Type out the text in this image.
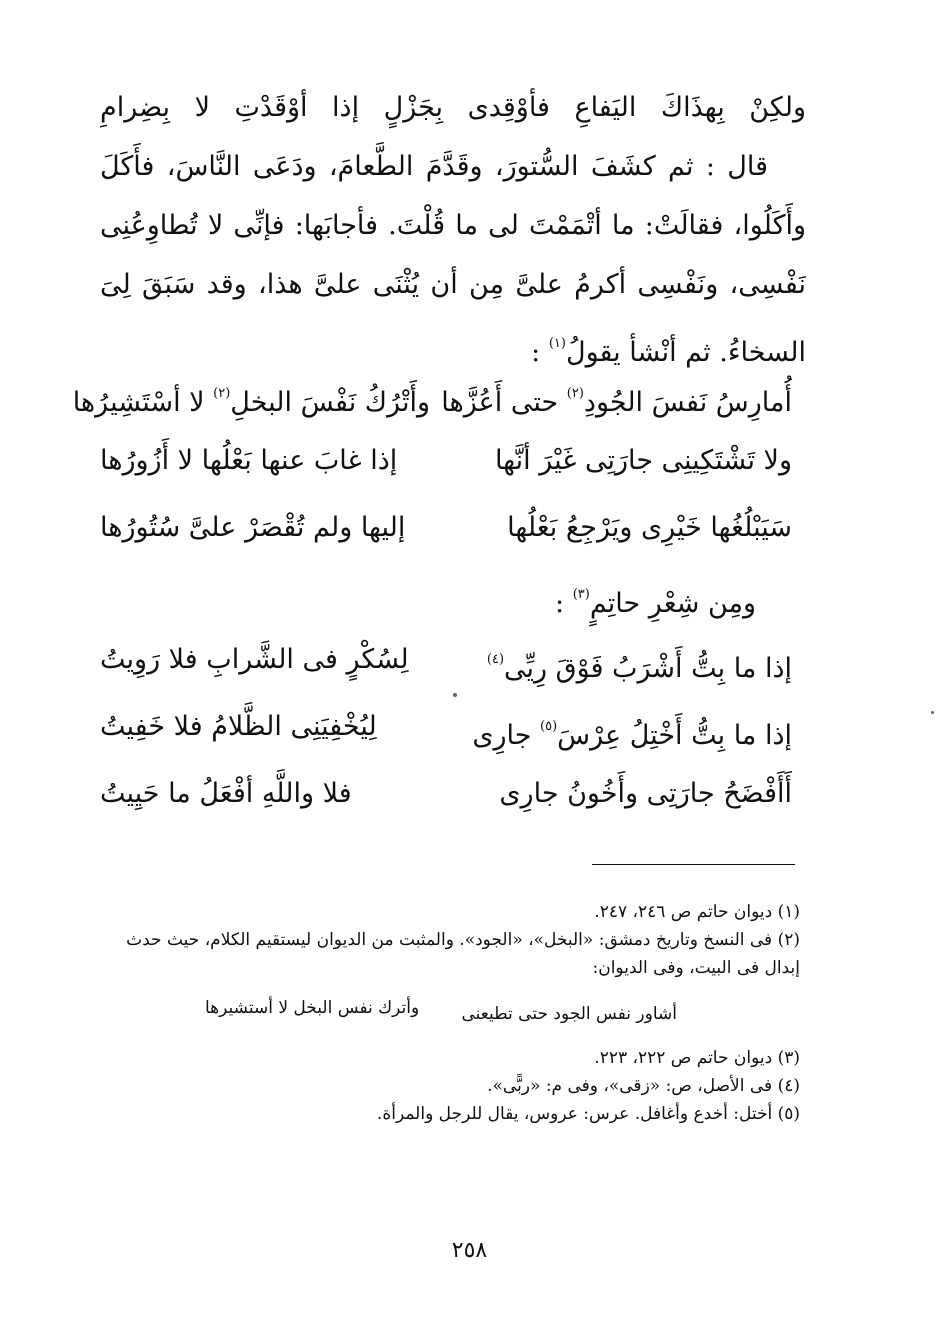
ولكِنْ بِهذَاكَ اليَفاعِ فأوْقِدى بِجَزْلٍ إذا أوْقَدْتِ لا بِضِرامِ
قال : ثم كشَفَ السُّتورَ، وقَدَّمَ الطَّعامَ، ودَعَى النَّاسَ، فأَكَلَ
وأَكَلُوا، فقالَتْ: ما أتْمَمْتَ لى ما قُلْتَ. فأجابَها: فإنِّى لا تُطاوِعُنِى
نَفْسِى، ونَفْسِى أكرمُ علىَّ مِن أن يُثْنَى علىَّ هذا، وقد سَبَقَ لِىَ
السخاءُ. ثم أنْشأ يقولُ$^{(١)}$ :
أُمارِسُ نَفسَ الجُودِ$^{(٢)}$ حتى أَعُزَّها
وأَتْرُكُ نَفْسَ البخلِ$^{(٢)}$ لا أسْتَشِيرُها
ولا تَشْتَكِينِى جارَتِى غَيْرَ أنَّها
إذا غابَ عنها بَعْلُها لا أَزُورُها
سَيَبْلُغُها خَيْرِى ويَرْجِعُ بَعْلُها
إليها ولم تُقْصَرْ علىَّ سُتُورُها
ومِن شِعْرِ حاتِمٍ$^{(٣)}$ :
إذا ما بِتُّ أَشْرَبُ فَوْقَ رِيِّى$^{(٤)}$
لِسُكْرٍ فى الشَّرابِ فلا رَوِيتُ
إذا ما بِتُّ أَخْتِلُ عِرْسَ$^{(٥)}$ جارِى
لِيُخْفِيَنِى الظَّلامُ فلا خَفِيتُ
أَأَفْضَحُ جارَتِى وأَخُونُ جارِى
فلا واللَّهِ أفْعَلُ ما حَيِيتُ
(١) ديوان حاتم ص ٢٤٦، ٢٤٧.
(٢) فى النسخ وتاريخ دمشق: «البخل»، «الجود». والمثبت من الديوان ليستقيم الكلام، حيث حدث
إبدال فى البيت، وفى الديوان:
أشاور نفس الجود حتى تطيعنى
وأترك نفس البخل لا أستشيرها
(٣) ديوان حاتم ص ٢٢٢، ٢٢٣.
(٤) فى الأصل، ص: «زقى»، وفى م: «ربًّى».
(٥) أختل: أخدع وأغافل. عرس: عروس، يقال للرجل والمرأة.
٢٥٨
